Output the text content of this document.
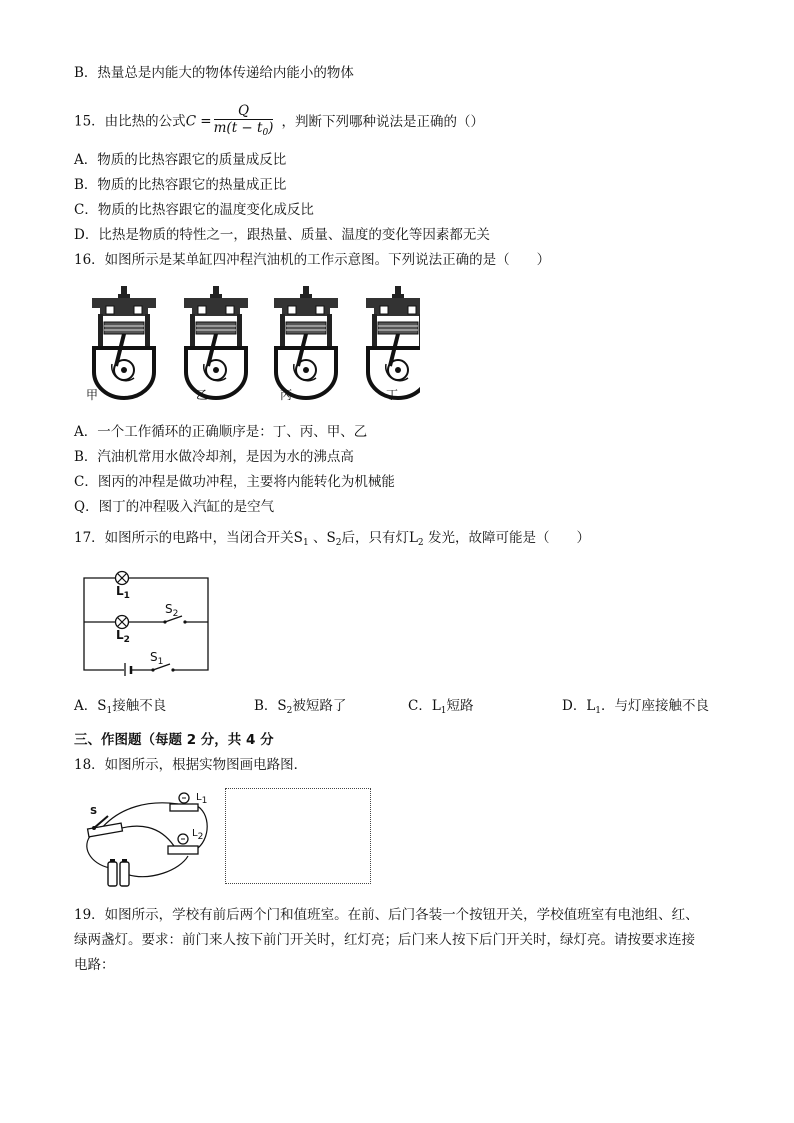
B．热量总是内能大的物体传递给内能小的物体
15．由比热的公式$C = \frac{Q}{m(t - t_0)}$ ，判断下列哪种说法是正确的（）
A．物质的比热容跟它的质量成反比
B．物质的比热容跟它的热量成正比
C．物质的比热容跟它的温度变化成反比
D．比热是物质的特性之一，跟热量、质量、温度的变化等因素都无关
16．如图所示是某单缸四冲程汽油机的工作示意图。下列说法正确的是（　　）
甲	乙	丙	丁
A．一个工作循环的正确顺序是：丁、丙、甲、乙
B．汽油机常用水做冷却剂，是因为水的沸点高
C．图丙的冲程是做功冲程，主要将内能转化为机械能
Q．图丁的冲程吸入汽缸的是空气
17．如图所示的电路中，当闭合开关$S_1$ 、$S_2$后，只有灯$L_2$ 发光，故障可能是（　　）
$L_1$
$L_2$
$S_2$
$S_1$
A．$S_1$接触不良	B．$S_2$被短路了	C．$L_1$短路	D．$L_1$．与灯座接触不良
三、作图题（每题 2 分，共 4 分
18．如图所示，根据实物图画电路图．
S
L1
L2
19．如图所示，学校有前后两个门和值班室。在前、后门各装一个按钮开关，学校值班室有电池组、红、
绿两盏灯。要求：前门来人按下前门开关时，红灯亮；后门来人按下后门开关时，绿灯亮。请按要求连接
电路：
